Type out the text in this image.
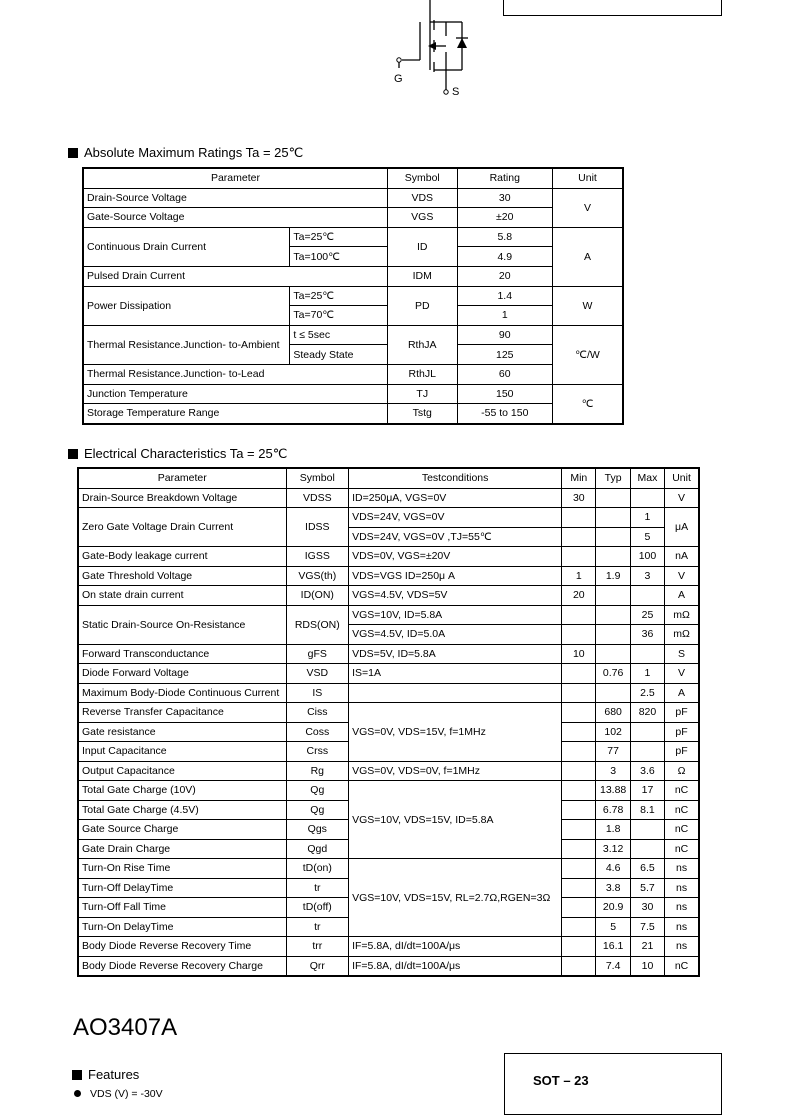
G
S
Absolute Maximum Ratings Ta = 25℃
Parameter		Symbol	Rating	Unit
Drain-Source Voltage		VDS	30	V
Gate-Source Voltage		VGS	±20	
Continuous Drain Current	Ta=25℃	ID	5.8	A
	Ta=100℃		4.9	
Pulsed Drain Current		IDM	20	
Power Dissipation	Ta=25℃	PD	1.4	W
	Ta=70℃		1	
Thermal Resistance.Junction- to-Ambient	t ≤ 5sec	RthJA	90	℃/W
	Steady State		125	
Thermal Resistance.Junction- to-Lead		RthJL	60	
Junction Temperature		TJ	150	℃
Storage Temperature Range		Tstg	-55 to 150	
Electrical Characteristics Ta = 25℃
Parameter	Symbol	Testconditions	Min	Typ	Max	Unit
Drain-Source Breakdown Voltage	VDSS	ID=250μA, VGS=0V	30			V
Zero Gate Voltage Drain Current	IDSS	VDS=24V, VGS=0V			1	μA
		VDS=24V, VGS=0V ,TJ=55℃			5	
Gate-Body leakage current	IGSS	VDS=0V, VGS=±20V			100	nA
Gate Threshold Voltage	VGS(th)	VDS=VGS ID=250μ A	1	1.9	3	V
On state drain current	ID(ON)	VGS=4.5V, VDS=5V	20			A
Static Drain-Source On-Resistance	RDS(ON)	VGS=10V, ID=5.8A			25	mΩ
		VGS=4.5V, ID=5.0A			36	mΩ
Forward Transconductance	gFS	VDS=5V, ID=5.8A	10			S
Diode Forward Voltage	VSD	IS=1A		0.76	1	V
Maximum Body-Diode Continuous Current	IS				2.5	A
Reverse Transfer Capacitance	Ciss	VGS=0V, VDS=15V, f=1MHz		680	820	pF
Gate resistance	Coss			102		pF
Input Capacitance	Crss			77		pF
Output Capacitance	Rg	VGS=0V, VDS=0V, f=1MHz		3	3.6	Ω
Total Gate Charge (10V)	Qg	VGS=10V, VDS=15V, ID=5.8A		13.88	17	nC
Total Gate Charge (4.5V)	Qg			6.78	8.1	nC
Gate Source Charge	Qgs			1.8		nC
Gate Drain Charge	Qgd			3.12		nC
Turn-On Rise Time	tD(on)	VGS=10V, VDS=15V, RL=2.7Ω,RGEN=3Ω		4.6	6.5	ns
Turn-Off DelayTime	tr			3.8	5.7	ns
Turn-Off Fall Time	tD(off)			20.9	30	ns
Turn-On DelayTime	tr			5	7.5	ns
Body Diode Reverse Recovery Time	trr	IF=5.8A, dI/dt=100A/μs		16.1	21	ns
Body Diode Reverse Recovery Charge	Qrr	IF=5.8A, dI/dt=100A/μs		7.4	10	nC
AO3407A
Features
VDS (V) = -30V
SOT – 23
